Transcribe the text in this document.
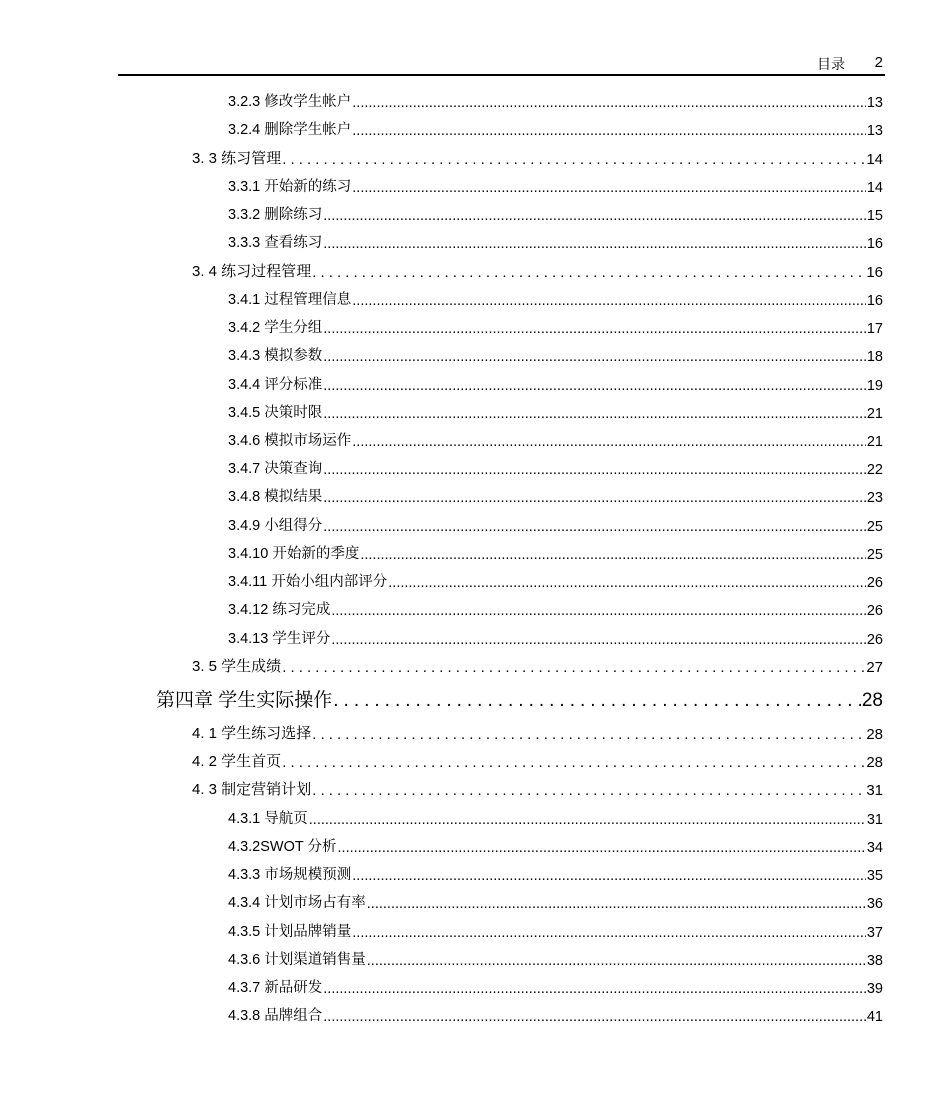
目录 2
3.2.3 修改学生帐户 .....	13
3.2.4 删除学生帐户 .....	13
3. 3 练习管理 .....	14
3.3.1 开始新的练习 .....	14
3.3.2 删除练习 .....	15
3.3.3 查看练习 .....	16
3. 4 练习过程管理 .....	16
3.4.1 过程管理信息 .....	16
3.4.2 学生分组 .....	17
3.4.3 模拟参数 .....	18
3.4.4 评分标准 .....	19
3.4.5 决策时限 .....	21
3.4.6 模拟市场运作 .....	21
3.4.7 决策查询 .....	22
3.4.8 模拟结果 .....	23
3.4.9 小组得分 .....	25
3.4.10 开始新的季度 .....	25
3.4.11 开始小组内部评分 .....	26
3.4.12 练习完成 .....	26
3.4.13 学生评分 .....	26
3. 5 学生成绩 .....	27
第四章 学生实际操作 .....	28
4. 1 学生练习选择 .....	28
4. 2 学生首页 .....	28
4. 3 制定营销计划 .....	31
4.3.1 导航页 .....	31
4.3.2SWOT 分析 .....	34
4.3.3 市场规模预测 .....	35
4.3.4 计划市场占有率 .....	36
4.3.5 计划品牌销量 .....	37
4.3.6 计划渠道销售量 .....	38
4.3.7 新品研发 .....	39
4.3.8 品牌组合 .....	41
